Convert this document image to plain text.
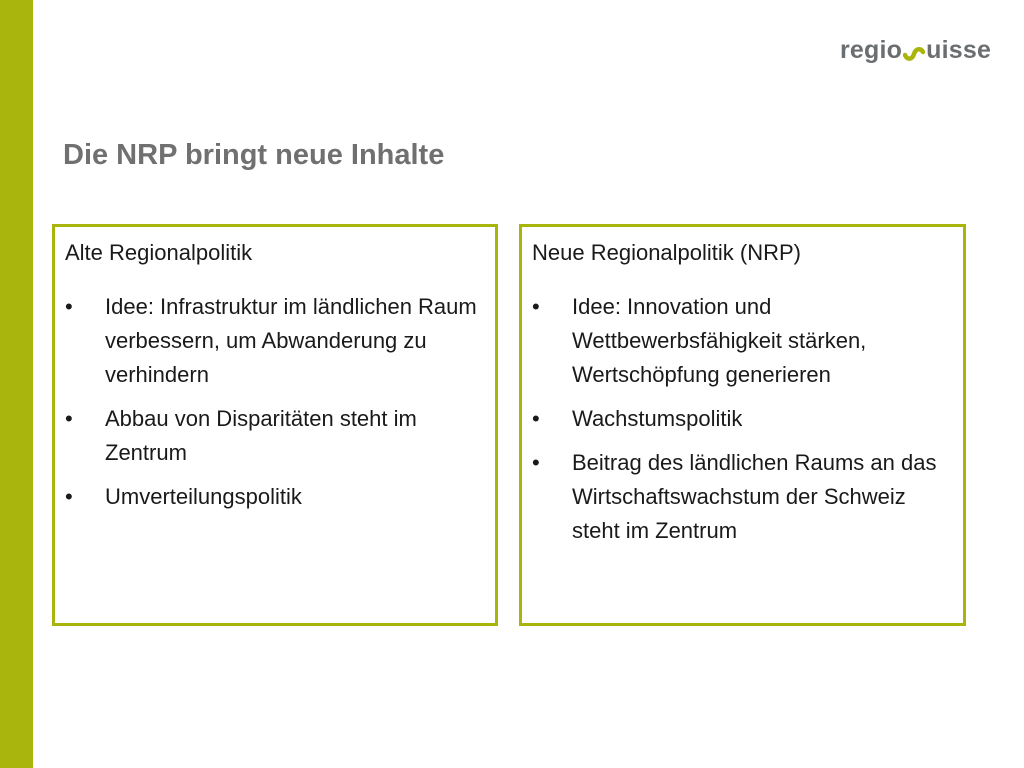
regio uisse
Die NRP bringt neue Inhalte
Alte Regionalpolitik
•	Idee: Infrastruktur im ländlichen Raum verbessern, um Abwanderung zu verhindern
•	Abbau von Disparitäten steht im Zentrum
•	Umverteilungspolitik
Neue Regionalpolitik (NRP)
•	Idee: Innovation und Wettbewerbsfähigkeit stärken, Wertschöpfung generieren
•	Wachstumspolitik
•	Beitrag des ländlichen Raums an das Wirtschaftswachstum der Schweiz steht im Zentrum
